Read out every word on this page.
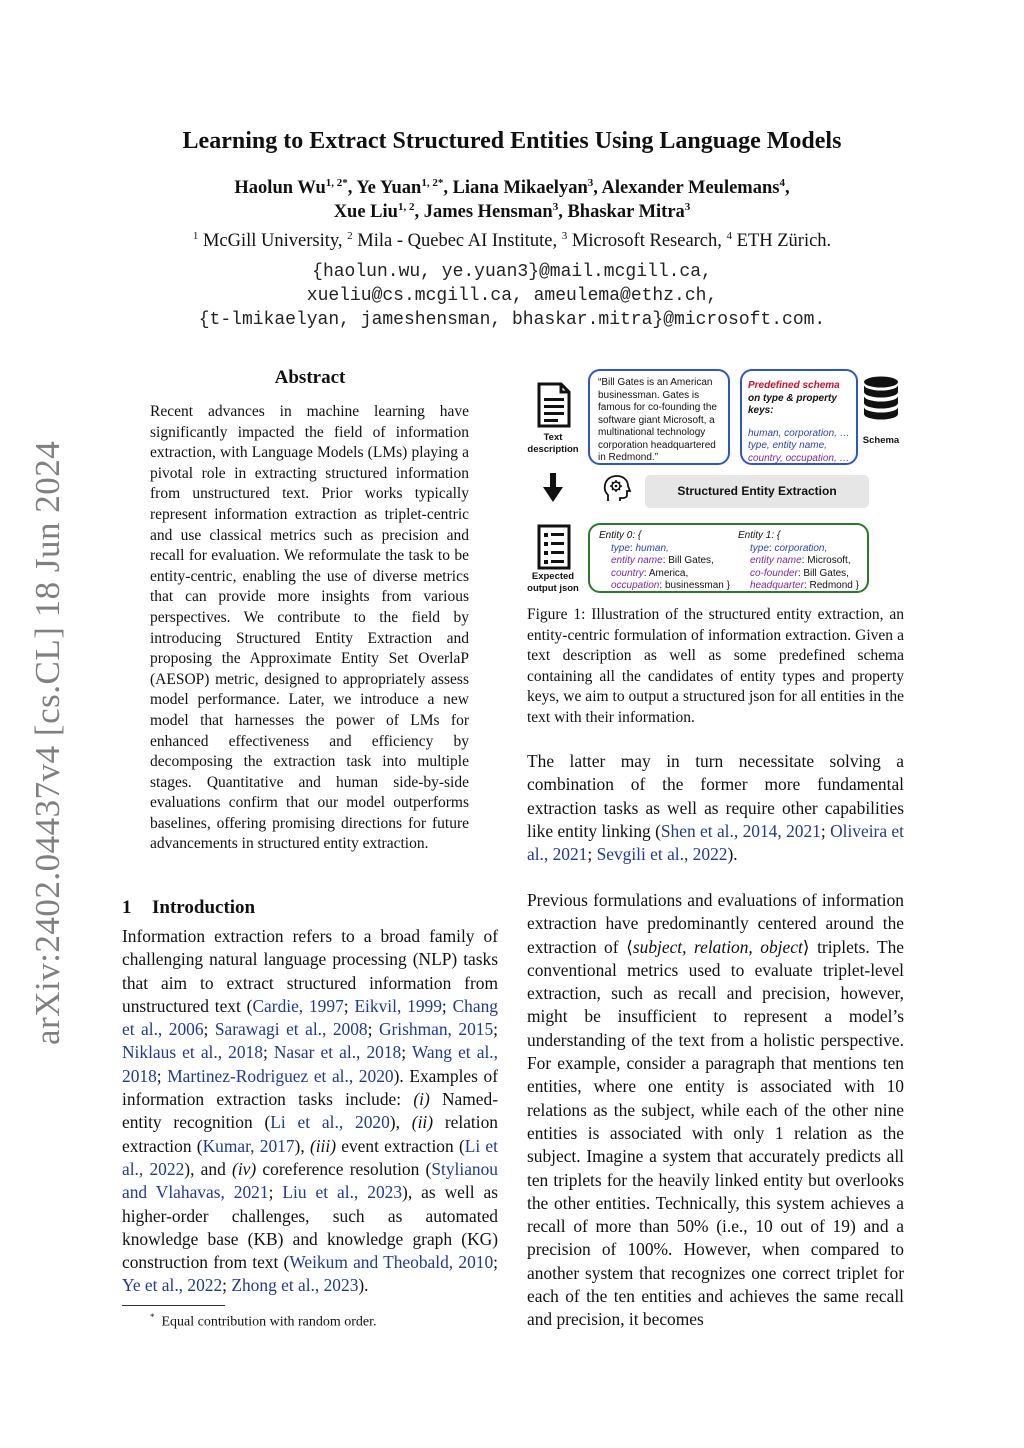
arXiv:2402.04437v4 [cs.CL] 18 Jun 2024
Learning to Extract Structured Entities Using Language Models
Haolun $Wu^{1, 2*}$, Ye Yuan$^{1, 2*}$, Liana Mikaelyan$^3$, Alexander Meulemans$^4$,
Xue Liu$^{1, 2}$, James Hensman$^3$, Bhaskar Mitra$^3$
$^1$ McGill University, $^2$ Mila - Quebec AI Institute, $^3$ Microsoft Research, $^4$ ETH Zürich.
{haolun.wu, ye.yuan3}@mail.mcgill.ca,
xueliu@cs.mcgill.ca, ameulema@ethz.ch,
{t-lmikaelyan, jameshensman, bhaskar.mitra}@microsoft.com.
Abstract
Recent advances in machine learning have significantly impacted the field of information extraction, with Language Models (LMs) playing a pivotal role in extracting structured information from unstructured text. Prior works typically represent information extraction as triplet-centric and use classical metrics such as precision and recall for evaluation. We reformulate the task to be entity-centric, enabling the use of diverse metrics that can provide more insights from various perspectives. We contribute to the field by introducing Structured Entity Extraction and proposing the Approximate Entity Set OverlaP (AESOP) metric, designed to appropriately assess model performance. Later, we introduce a new model that harnesses the power of LMs for enhanced effectiveness and efficiency by decomposing the extraction task into multiple stages. Quantitative and human side-by-side evaluations confirm that our model outperforms baselines, offering promising directions for future advancements in structured entity extraction.
1 Introduction
Information extraction refers to a broad family of challenging natural language processing (NLP) tasks that aim to extract structured information from unstructured text (Cardie, 1997; Eikvil, 1999; Chang et al., 2006; Sarawagi et al., 2008; Grishman, 2015; Niklaus et al., 2018; Nasar et al., 2018; Wang et al., 2018; Martinez-Rodriguez et al., 2020). Examples of information extraction tasks include: (i) Named-entity recognition (Li et al., 2020), (ii) relation extraction (Kumar, 2017), (iii) event extraction (Li et al., 2022), and (iv) coreference resolution (Stylianou and Vlahavas, 2021; Liu et al., 2023), as well as higher-order challenges, such as automated knowledge base (KB) and knowledge graph (KG) construction from text (Weikum and Theobald, 2010; Ye et al., 2022; Zhong et al., 2023).
* Equal contribution with random order.
Text description
“Bill Gates is an American businessman. Gates is famous for co-founding the software giant Microsoft, a multinational technology corporation headquartered in Redmond.”
Predefined schema on type & property keys:
human, corporation, …
type, entity name,
country, occupation, …
Schema
Structured Entity Extraction
Expected output json
Entity 0: {
type: human,
entity name: Bill Gates,
country: America,
occupation: businessman }
Entity 1: {
type: corporation,
entity name: Microsoft,
co-founder: Bill Gates,
headquarter: Redmond }
Figure 1: Illustration of the structured entity extraction, an entity-centric formulation of information extraction. Given a text description as well as some predefined schema containing all the candidates of entity types and property keys, we aim to output a structured json for all entities in the text with their information.
The latter may in turn necessitate solving a combination of the former more fundamental extraction tasks as well as require other capabilities like entity linking (Shen et al., 2014, 2021; Oliveira et al., 2021; Sevgili et al., 2022).
Previous formulations and evaluations of information extraction have predominantly centered around the extraction of ⟨subject, relation, object⟩ triplets. The conventional metrics used to evaluate triplet-level extraction, such as recall and precision, however, might be insufficient to represent a model’s understanding of the text from a holistic perspective. For example, consider a paragraph that mentions ten entities, where one entity is associated with 10 relations as the subject, while each of the other nine entities is associated with only 1 relation as the subject. Imagine a system that accurately predicts all ten triplets for the heavily linked entity but overlooks the other entities. Technically, this system achieves a recall of more than 50% (i.e., 10 out of 19) and a precision of 100%. However, when compared to another system that recognizes one correct triplet for each of the ten entities and achieves the same recall and precision, it becomes
